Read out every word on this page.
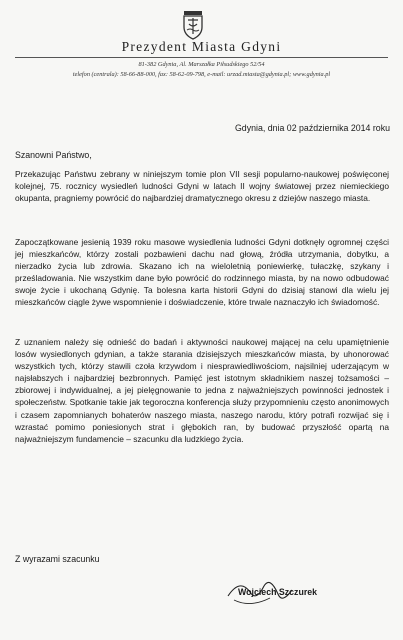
Prezydent Miasta Gdyni
81-382 Gdynia, Al. Marszałka Piłsudskiego 52/54
telefon (centrala): 58-66-88-000, fax: 58-62-09-798, e-mail: urzad.miasta@gdynia.pl; www.gdynia.pl
Gdynia, dnia 02 października 2014 roku
Szanowni Państwo,
Przekazując Państwu zebrany w niniejszym tomie plon VII sesji popularno-naukowej poświęconej kolejnej, 75. rocznicy wysiedleń ludności Gdyni w latach II wojny światowej przez niemieckiego okupanta, pragniemy powrócić do najbardziej dramatycznego okresu z dziejów naszego miasta.
Zapoczątkowane jesienią 1939 roku masowe wysiedlenia ludności Gdyni dotknęły ogromnej części jej mieszkańców, którzy zostali pozbawieni dachu nad głową, źródła utrzymania, dobytku, a nierzadko życia lub zdrowia. Skazano ich na wieloletnią poniewierkę, tułaczkę, szykany i prześladowania. Nie wszystkim dane było powrócić do rodzinnego miasta, by na nowo odbudować swoje życie i ukochaną Gdynię. Ta bolesna karta historii Gdyni do dzisiaj stanowi dla wielu jej mieszkańców ciągle żywe wspomnienie i doświadczenie, które trwale naznaczyło ich świadomość.
Z uznaniem należy się odnieść do badań i aktywności naukowej mającej na celu upamiętnienie losów wysiedlonych gdynian, a także starania dzisiejszych mieszkańców miasta, by uhonorować wszystkich tych, którzy stawili czoła krzywdom i niesprawiedliwościom, najsilniej uderzającym w najsłabszych i najbardziej bezbronnych. Pamięć jest istotnym składnikiem naszej tożsamości – zbiorowej i indywidualnej, a jej pielęgnowanie to jedna z najważniejszych powinności jednostek i społeczeństw. Spotkanie takie jak tegoroczna konferencja służy przypomnieniu często anonimowych i czasem zapomnianych bohaterów naszego miasta, naszego narodu, który potrafi rozwijać się i wzrastać pomimo poniesionych strat i głębokich ran, by budować przyszłość opartą na najważniejszym fundamencie – szacunku dla ludzkiego życia.
Z wyrazami szacunku
Wojciech Szczurek
